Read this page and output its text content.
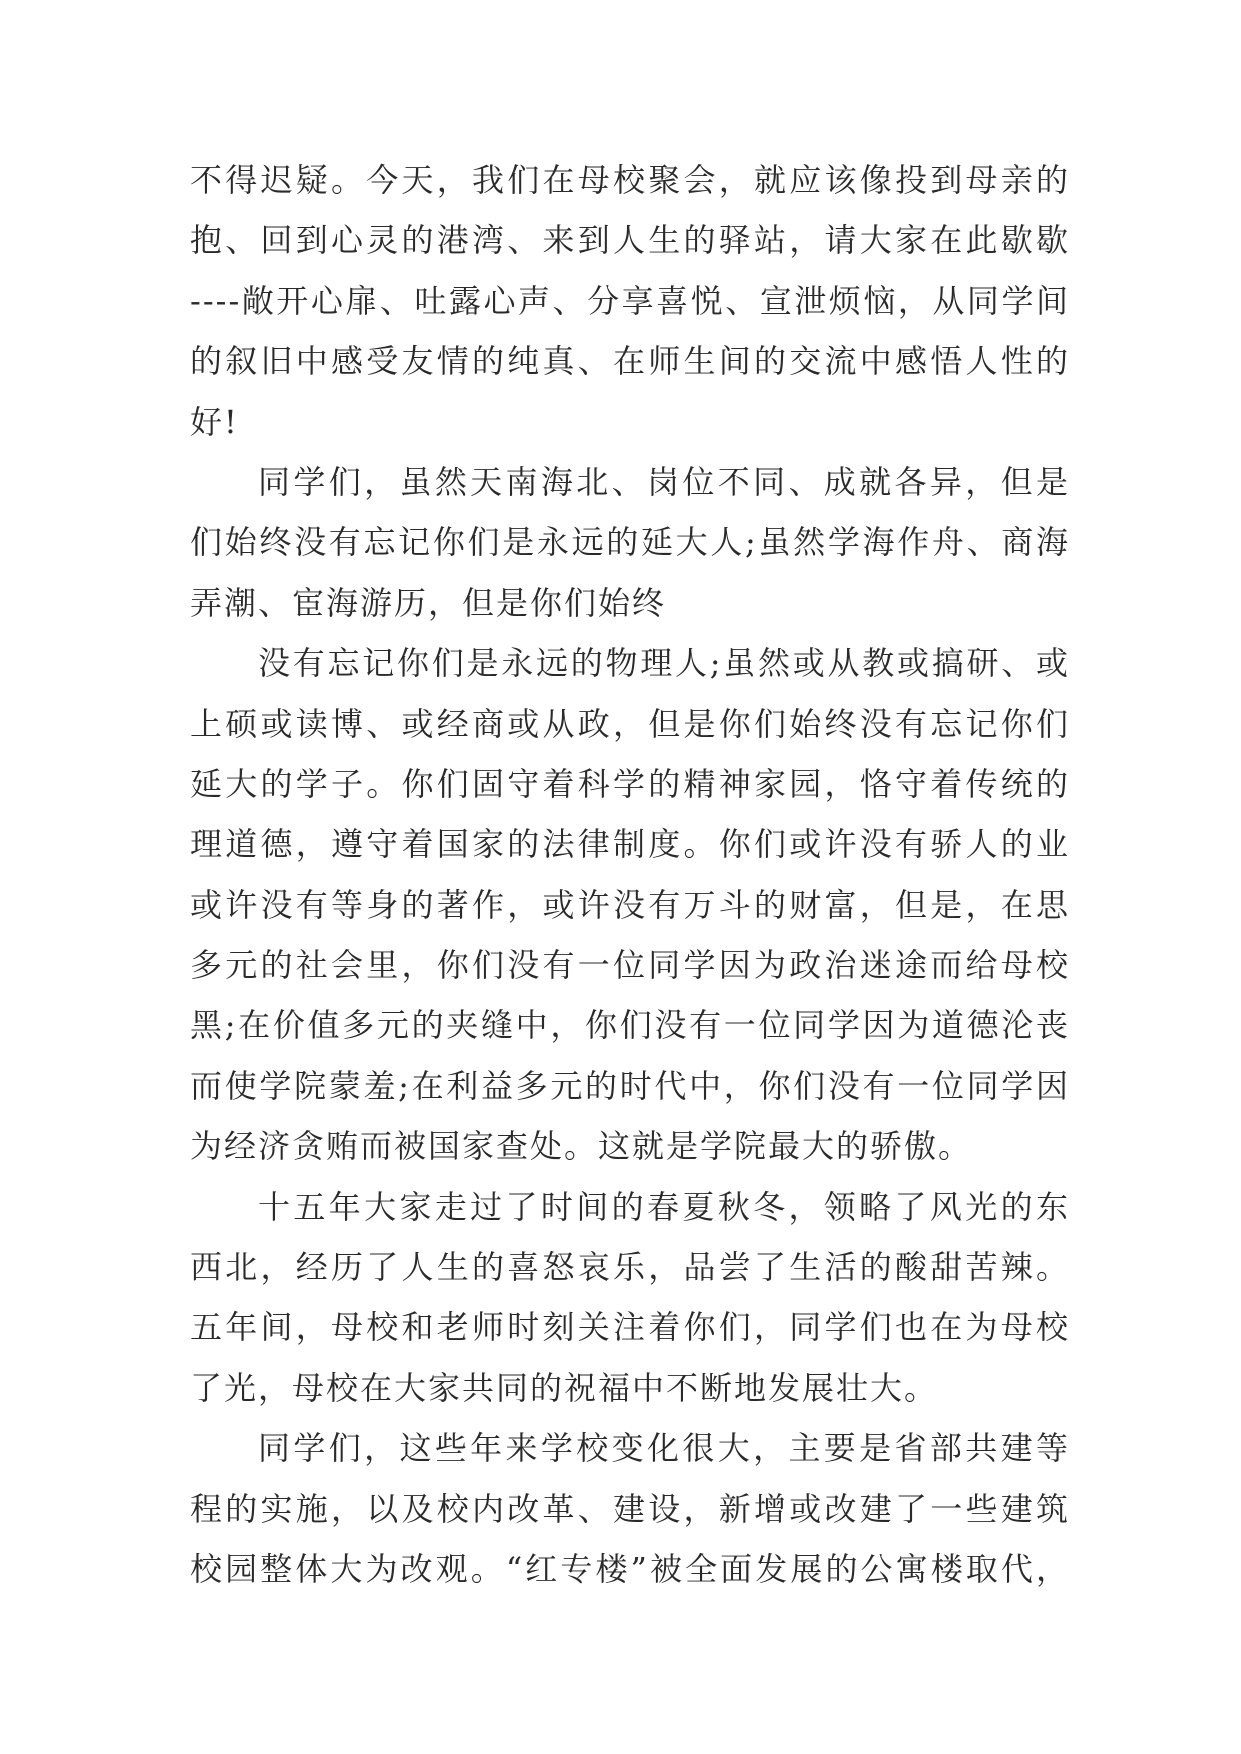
不得迟疑。今天，我们在母校聚会，就应该像投到母亲的
抱、回到心灵的港湾、来到人生的驿站，请大家在此歇歇
----敞开心扉、吐露心声、分享喜悦、宣泄烦恼，从同学间
的叙旧中感受友情的纯真、在师生间的交流中感悟人性的
好!
同学们，虽然天南海北、岗位不同、成就各异，但是
们始终没有忘记你们是永远的延大人;虽然学海作舟、商海
弄潮、宦海游历，但是你们始终
没有忘记你们是永远的物理人;虽然或从教或搞研、或
上硕或读博、或经商或从政，但是你们始终没有忘记你们
延大的学子。你们固守着科学的精神家园，恪守着传统的
理道德，遵守着国家的法律制度。你们或许没有骄人的业
或许没有等身的著作，或许没有万斗的财富，但是，在思
多元的社会里，你们没有一位同学因为政治迷途而给母校
黑;在价值多元的夹缝中，你们没有一位同学因为道德沦丧
而使学院蒙羞;在利益多元的时代中，你们没有一位同学因
为经济贪贿而被国家查处。这就是学院最大的骄傲。
十五年大家走过了时间的春夏秋冬，领略了风光的东
西北，经历了人生的喜怒哀乐，品尝了生活的酸甜苦辣。
五年间，母校和老师时刻关注着你们，同学们也在为母校
了光，母校在大家共同的祝福中不断地发展壮大。
同学们，这些年来学校变化很大，主要是省部共建等
程的实施，以及校内改革、建设，新增或改建了一些建筑
校园整体大为改观。“红专楼”被全面发展的公寓楼取代，
